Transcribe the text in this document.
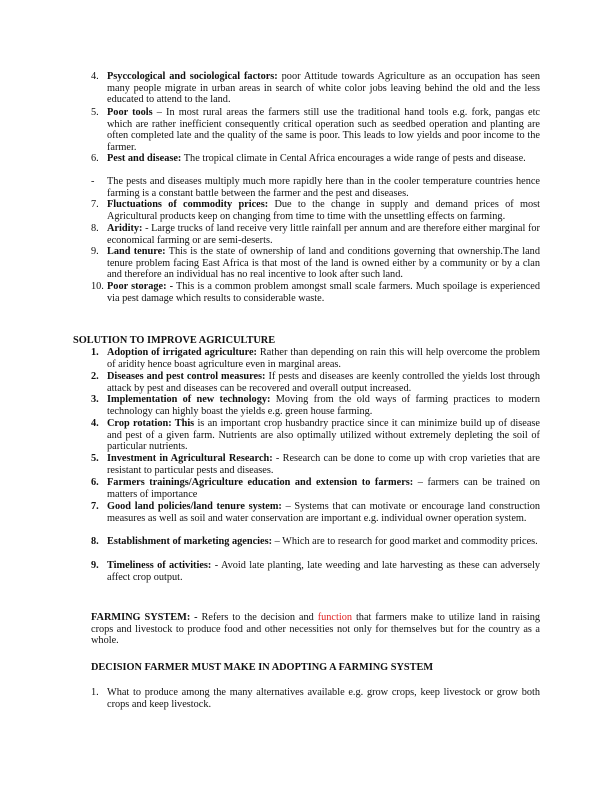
4. Psyccological and sociological factors: poor Attitude towards Agriculture as an occupation has seen many people migrate in urban areas in search of white color jobs leaving behind the old and the less educated to attend to the land.
5. Poor tools – In most rural areas the farmers still use the traditional hand tools e.g. fork, pangas etc which are rather inefficient consequently critical operation such as seedbed operation and planting are often completed late and the quality of the same is poor. This leads to low yields and poor income to the farmer.
6. Pest and disease: The tropical climate in Cental Africa encourages a wide range of pests and disease.
- The pests and diseases multiply much more rapidly here than in the cooler temperature countries hence farming is a constant battle between the farmer and the pest and diseases.
7. Fluctuations of commodity prices: Due to the change in supply and demand prices of most Agricultural products keep on changing from time to time with the unsettling effects on farming.
8. Aridity: - Large trucks of land receive very little rainfall per annum and are therefore either marginal for economical farming or are semi-deserts.
9. Land tenure: This is the state of ownership of land and conditions governing that ownership.The land tenure problem facing East Africa is that most of the land is owned either by a community or by a clan and therefore an individual has no real incentive to look after such land.
10. Poor storage: - This is a common problem amongst small scale farmers. Much spoilage is experienced via pest damage which results to considerable waste.
SOLUTION TO IMPROVE AGRICULTURE
1. Adoption of irrigated agriculture: Rather than depending on rain this will help overcome the problem of aridity hence boast agriculture even in marginal areas.
2. Diseases and pest control measures: If pests and diseases are keenly controlled the yields lost through attack by pest and diseases can be recovered and overall output increased.
3. Implementation of new technology: Moving from the old ways of farming practices to modern technology can highly boast the yields e.g. green house farming.
4. Crop rotation: This is an important crop husbandry practice since it can minimize build up of disease and pest of a given farm. Nutrients are also optimally utilized without extremely depleting the soil of particular nutrients.
5. Investment in Agricultural Research: - Research can be done to come up with crop varieties that are resistant to particular pests and diseases.
6. Farmers trainings/Agriculture education and extension to farmers: – farmers can be trained on matters of importance
7. Good land policies/land tenure system: – Systems that can motivate or encourage land construction measures as well as soil and water conservation are important e.g. individual owner operation system.
8. Establishment of marketing agencies: – Which are to research for good market and commodity prices.
9. Timeliness of activities: - Avoid late planting, late weeding and late harvesting as these can adversely affect crop output.
FARMING SYSTEM: - Refers to the decision and function that farmers make to utilize land in raising crops and livestock to produce food and other necessities not only for themselves but for the country as a whole.
DECISION FARMER MUST MAKE IN ADOPTING A FARMING SYSTEM
1. What to produce among the many alternatives available e.g. grow crops, keep livestock or grow both crops and keep livestock.
